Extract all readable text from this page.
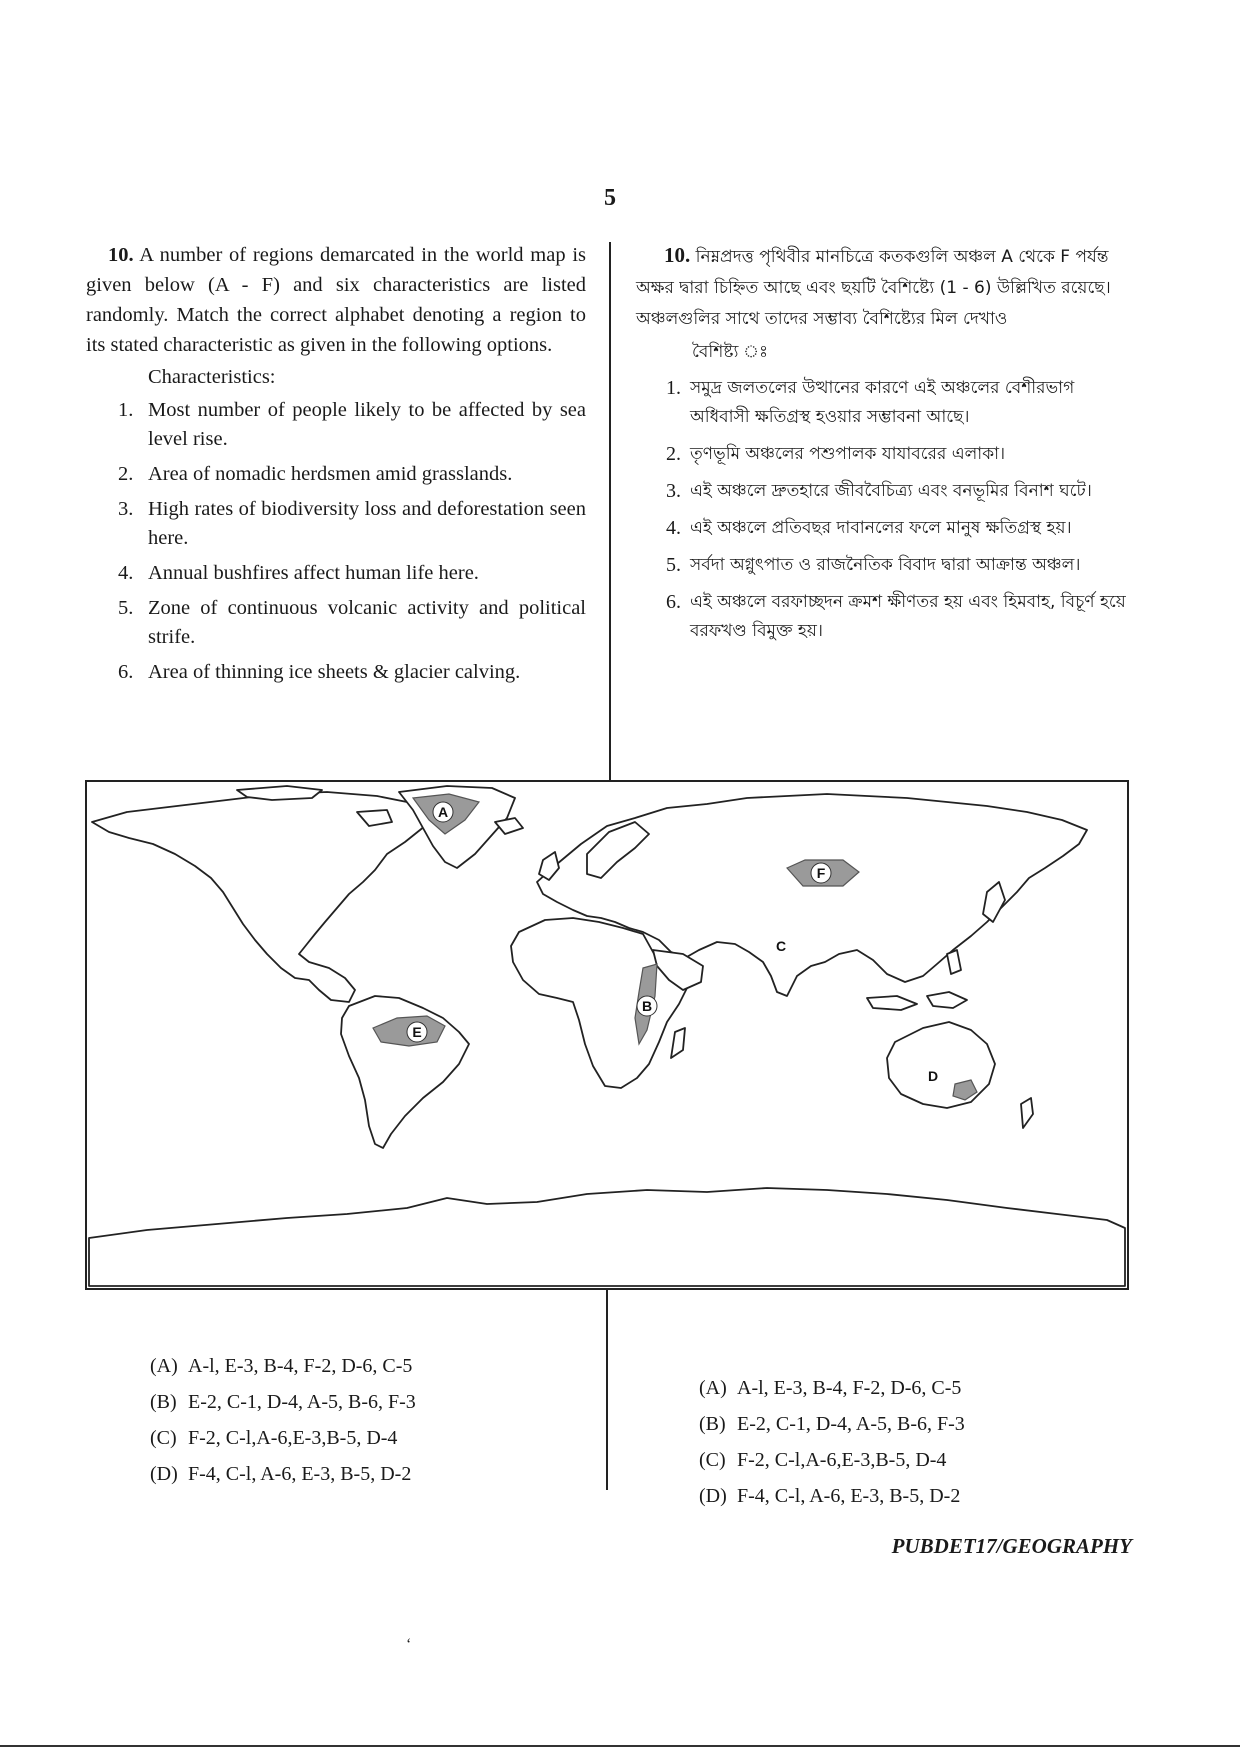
5

10. A number of regions demarcated in the world map is given below (A - F) and six characteristics are listed randomly. Match the correct alphabet denoting a region to its stated characteristic as given in the following options.

Characteristics:
1. Most number of people likely to be affected by sea level rise.
2. Area of nomadic herdsmen amid grasslands.
3. High rates of biodiversity loss and deforestation seen here.
4. Annual bushfires affect human life here.
5. Zone of continuous volcanic activity and political strife.
6. Area of thinning ice sheets & glacier calving.

10. নিম্নপ্রদত্ত পৃথিবীর মানচিত্রে কতকগুলি অঞ্চল A থেকে F পর্যন্ত অক্ষর দ্বারা চিহ্নিত আছে এবং ছয়টি বৈশিষ্ট্যে (1 - 6) উল্লিখিত রয়েছে। অঞ্চলগুলির সাথে তাদের সম্ভাব্য বৈশিষ্ট্যের মিল দেখাও

বৈশিষ্ট্য ঃ
1. সমুদ্র জলতলের উত্থানের কারণে এই অঞ্চলের বেশীরভাগ অধিবাসী ক্ষতিগ্রস্থ হওয়ার সম্ভাবনা আছে।
2. তৃণভূমি অঞ্চলের পশুপালক যাযাবরের এলাকা।
3. এই অঞ্চলে দ্রুতহারে জীববৈচিত্র্য এবং বনভূমির বিনাশ ঘটে।
4. এই অঞ্চলে প্রতিবছর দাবানলের ফলে মানুষ ক্ষতিগ্রস্থ হয়।
5. সর্বদা অগ্নুৎপাত ও রাজনৈতিক বিবাদ দ্বারা আক্রান্ত অঞ্চল।
6. এই অঞ্চলে বরফাচ্ছদন ক্রমশ ক্ষীণতর হয় এবং হিমবাহ, বিচূর্ণ হয়ে বরফখণ্ড বিমুক্ত হয়।
A
B
C
D
E
F
(A) A-l, E-3, B-4, F-2, D-6, C-5
(B) E-2, C-1, D-4, A-5, B-6, F-3
(C) F-2, C-l,A-6,E-3,B-5, D-4
(D) F-4, C-l, A-6, E-3, B-5, D-2
(A) A-l, E-3, B-4, F-2, D-6, C-5
(B) E-2, C-1, D-4, A-5, B-6, F-3
(C) F-2, C-l,A-6,E-3,B-5, D-4
(D) F-4, C-l, A-6, E-3, B-5, D-2
PUBDET17/GEOGRAPHY
‘
